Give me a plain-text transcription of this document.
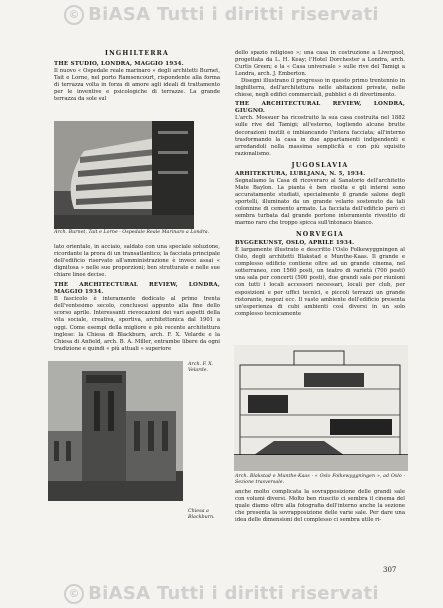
© BiASA Tutti i diritti riservati
© BiASA Tutti i diritti riservati
INGHILTERRA

THE STUDIO, LONDRA, MAGGIO 1934.

Il nuovo « Ospedale reale marinaro » degli architetti Burnet, Tait e Lorne, nel porto Ramsencourt, rispondente alla forma di terrazza volta in forza di amore agli ideali di trattamento per le inventive e psicologiche di terrazze. La grande terrazza da sole sul

Arch. Burnet, Tait e Lorne · Ospedale Reale Marinaro a Londra.

lato orientale, in acciaio, saldato con una speciale soluzione, ricordante la prora di un transatlantico; la facciata principale dell'edificio riservato all'amministrazione è invece assai « dignitosa » nelle sue proporzioni; ben strutturate e nelle sue chiare linee decise.

THE ARCHITECTURAL REVIEW, LONDRA, MAGGIO 1934.

Il fascicolo è interamente dedicato al primo trenta dell'ventesimo secolo, conclusosi appunto alla fine dello scorso aprile. Interessanti rievocazioni dei vari aspetti della vita sociale, creativa, sportiva, architettonica dal 1901 a oggi. Come esempi della migliore e più recente architettura inglese: la Chiesa di Blackburn, arch. F. X. Velarde e la Chiesa di Anfield, arch. B. A. Miller, entrambe libere da ogni tradizione e quindi « più attuali » superiore

Arch. F. X. Velarde.
Chiesa a Blackburn.

dello spazio religioso »; una casa in costruzione a Liverpool, progettata da L. H. Keay; l'Hotel Dorchester a Londra, arch. Curtis Green; e la « Casa universale » sulle rive del Tamigi a Londra, arch. J. Emberton.

Disegni illustrano il progresso in questo primo trentennio in Inghilterra, dell'architettura nelle abitazioni private, nelle chiese, negli edifici commerciali, pubblici e di divertimento.

THE ARCHITECTURAL REVIEW, LONDRA, GIUGNO.

L'arch. Mossuer ha ricostruito la sua casa costruita nel 1882 sulle rive del Tamigi; all'esterno, togliendo alcune brutte decorazioni inutili e imbiancando l'intera facciata; all'interno trasformando la casa in due appartamenti indipendenti e arredandoli nella massima semplicità e con più squisito razionalismo.

JUGOSLAVIA

ARHITEKTURA, LUBLJANA, N. 5, 1934.

Segnaliamo la Casa di ricoveraro al Sanatorio dell'architetto Mate Baylon. La pianta è ben risolta e gli interni sono accuratamente studiati, specialmente il grande salone degli sportelli, illuminato da un grande velario sostenuto da tali colonnine di cemento armato. La facciata dell'edificio però ci sembra turbata dal grande portone interamente rivestito di marmo raro che troppo spicca sull'intonaco bianco.

NORVEGIA

BYGGEKUNST, OSLO, APRILE 1934.

È largamente illustrato e descritto l'Oslo Folkewyggningen al Oslo, degli architetti Blakstad e Munthe-Kaas. Il grande e complesso edificio contiene oltre ad un grande cinema, nel sotterraneo, con 1560 posti, un teatro di varietà (700 posti) una sala per concerti (500 posti), due grandi sale per riunioni con tutti i locali accessori necessari, locali per club, per esposizioni e per uffici tecnici, e piccoli terrazzi un grande ristorante, negozi ecc. Il vasto ambiente dell'edificio presenta un'esperienza di cubi ambienti così diversi in un solo complesso tecnicamente

Arch. Blakstad e Munthe-Kaas · « Oslo Folkewyggningen », ad Oslo · Sezione trasversale.

anche molto complicata la sovrapposizione delle grandi sale con volumi diversi. Molto ben riuscito ci sembra il cinema del quale diamo oltre alla fotografia dell'interno anche la sezione che presenta la sovrapposizione delle varie sale. Per dare una idea delle dimensioni del complesso ci sembra utile ri-

307
